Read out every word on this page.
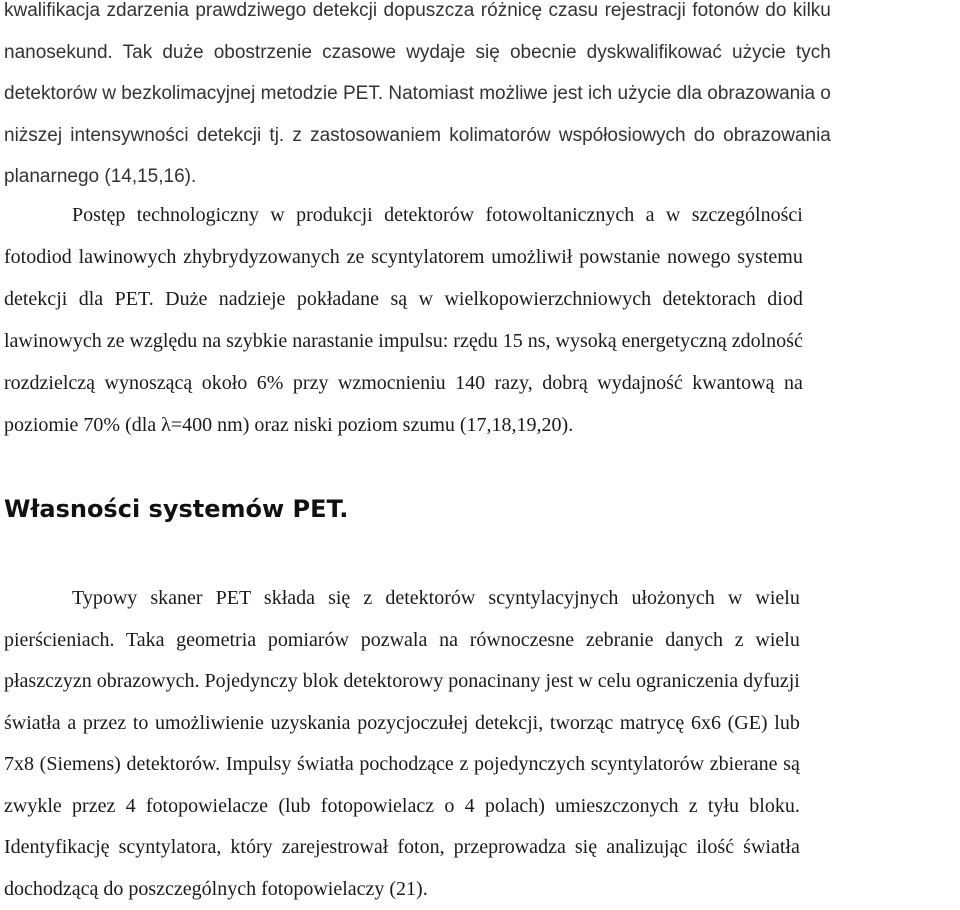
kwalifikacja zdarzenia prawdziwego detekcji dopuszcza różnicę czasu rejestracji fotonów do kilku
nanosekund. Tak duże obostrzenie czasowe wydaje się obecnie dyskwalifikować użycie tych
detektorów w bezkolimacyjnej metodzie PET. Natomiast możliwe jest ich użycie dla obrazowania o
niższej intensywności detekcji tj. z zastosowaniem kolimatorów współosiowych do obrazowania
planarnego (14,15,16).
Postęp technologiczny w produkcji detektorów fotowoltanicznych a w szczególności
fotodiod lawinowych zhybrydyzowanych ze scyntylatorem umożliwił powstanie nowego systemu
detekcji dla PET. Duże nadzieje pokładane są w wielkopowierzchniowych detektorach diod
lawinowych ze względu na szybkie narastanie impulsu: rzędu 15 ns, wysoką energetyczną zdolność
rozdzielczą wynoszącą około 6% przy wzmocnieniu 140 razy, dobrą wydajność kwantową na
poziomie 70% (dla λ=400 nm) oraz niski poziom szumu (17,18,19,20).
Własności systemów PET.
Typowy skaner PET składa się z detektorów scyntylacyjnych ułożonych w wielu
pierścieniach. Taka geometria pomiarów pozwala na równoczesne zebranie danych z wielu
płaszczyzn obrazowych. Pojedynczy blok detektorowy ponacinany jest w celu ograniczenia dyfuzji
światła a przez to umożliwienie uzyskania pozycjoczułej detekcji, tworząc matrycę 6x6 (GE) lub
7x8 (Siemens) detektorów. Impulsy światła pochodzące z pojedynczych scyntylatorów zbierane są
zwykle przez 4 fotopowielacze (lub fotopowielacz o 4 polach) umieszczonych z tyłu bloku.
Identyfikację scyntylatora, który zarejestrował foton, przeprowadza się analizując ilość światła
dochodzącą do poszczególnych fotopowielaczy (21).
